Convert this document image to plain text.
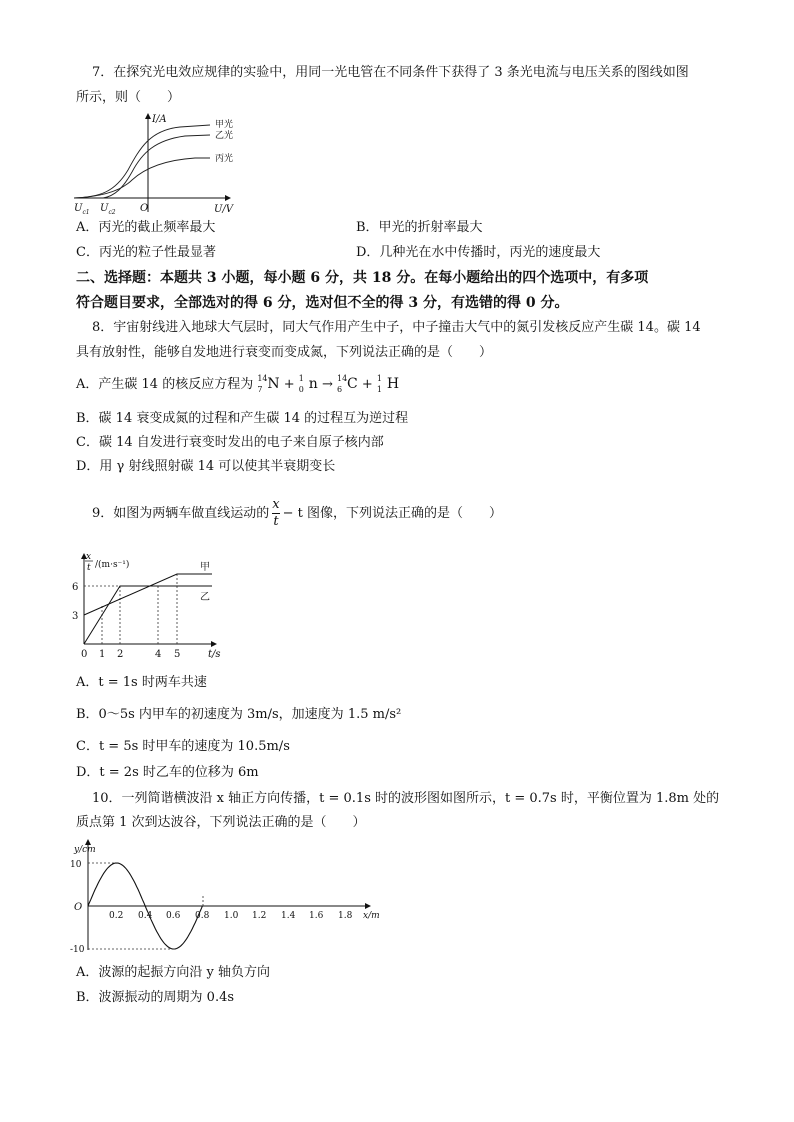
7．在探究光电效应规律的实验中，用同一光电管在不同条件下获得了 3 条光电流与电压关系的图线如图
所示，则（　　）
I/A
U/V
O
$U_{c1}$ $U_{c2}$
甲光
乙光
丙光
A．丙光的截止频率最大	B．甲光的折射率最大
C．丙光的粒子性最显著	D．几种光在水中传播时，丙光的速度最大
二、选择题：本题共 3 小题，每小题 6 分，共 18 分。在每小题给出的四个选项中，有多项
符合题目要求，全部选对的得 6 分，选对但不全的得 3 分，有选错的得 0 分。
8．宇宙射线进入地球大气层时，同大气作用产生中子，中子撞击大气中的氮引发核反应产生碳 14。碳 14
具有放射性，能够自发地进行衰变而变成氮，下列说法正确的是（　　）
A．产生碳 14 的核反应方程为 14
7 N + 1
0 n → 14
6 C + 1
1 H
B．碳 14 衰变成氮的过程和产生碳 14 的过程互为逆过程
C．碳 14 自发进行衰变时发出的电子来自原子核内部
D．用 γ 射线照射碳 14 可以使其半衰期变长
9．如图为两辆车做直线运动的 $\frac{x}{t} - t$ 图像，下列说法正确的是（　　）
3
6
0 1 2	4 5	t/s
x
t /(m·s⁻¹)	甲
乙
A．t = 1s 时两车共速
B．0～5s 内甲车的初速度为 3m/s，加速度为 1.5 m/s²
C．t = 5s 时甲车的速度为 10.5m/s
D．t = 2s 时乙车的位移为 6m
10．一列简谐横波沿 x 轴正方向传播，t = 0.1s 时的波形图如图所示，t = 0.7s 时，平衡位置为 1.8m 处的
质点第 1 次到达波谷，下列说法正确的是（　　）
y/cm
O
10
-10
0.2 0.4 0.6 0.8 1.0 1.2 1.4 1.6 1.8 x/m
A．波源的起振方向沿 y 轴负方向
B．波源振动的周期为 0.4s
